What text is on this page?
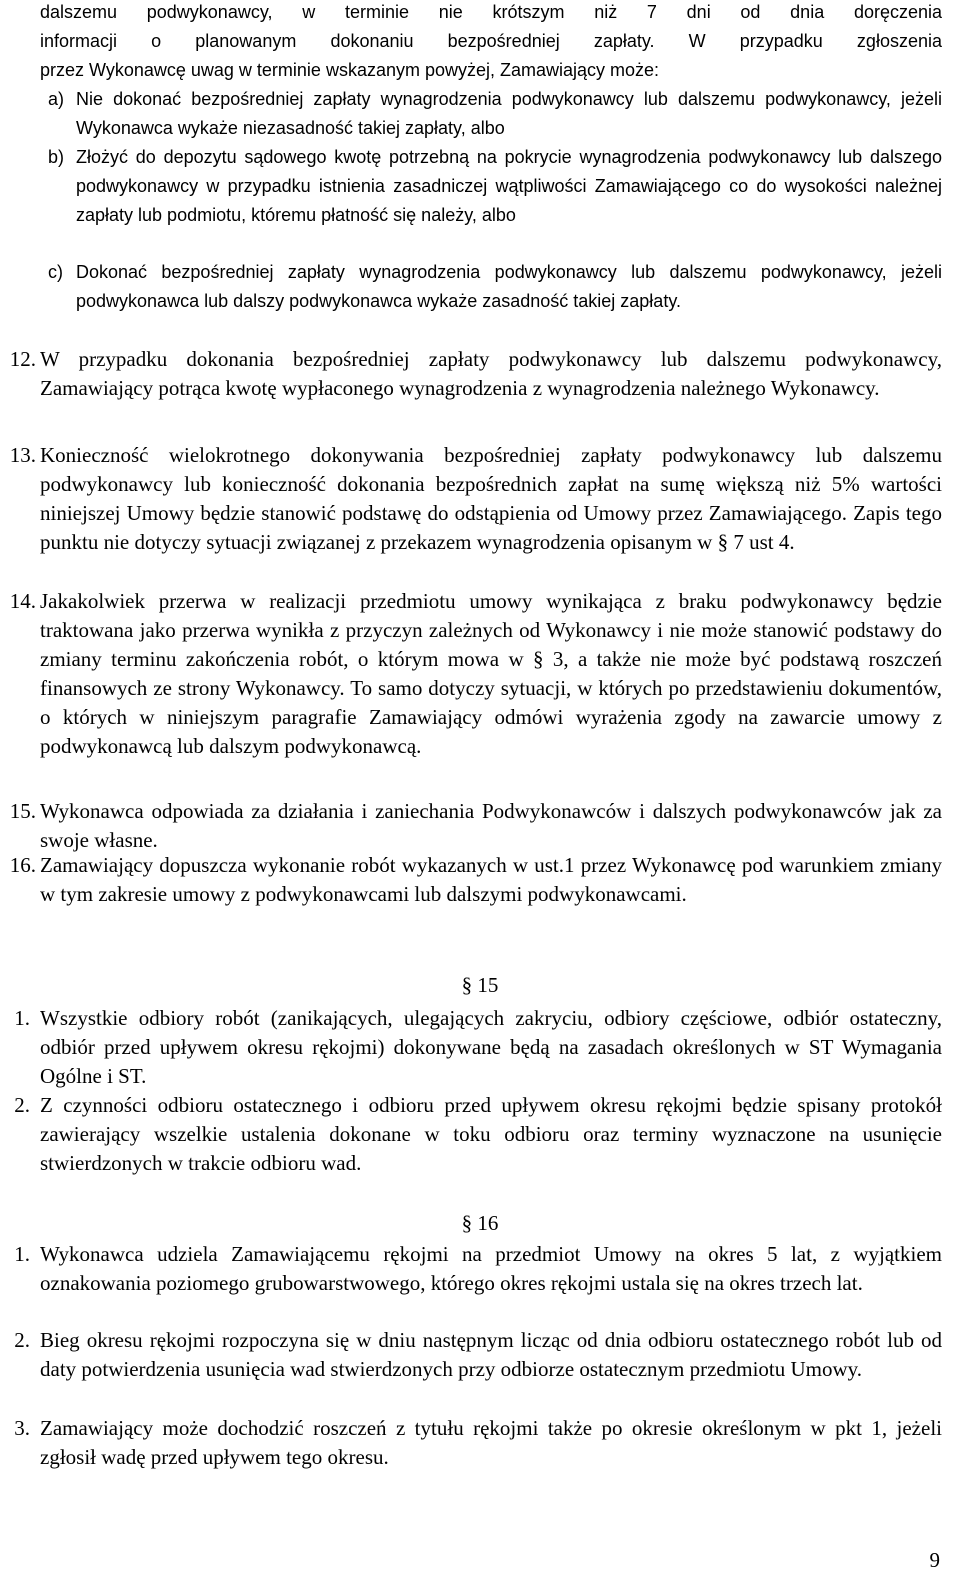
dalszemu podwykonawcy, w terminie nie krótszym niż 7 dni od dnia doręczenia
informacji o planowanym dokonaniu bezpośredniej zapłaty. W przypadku zgłoszenia
przez Wykonawcę uwag w terminie wskazanym powyżej, Zamawiający może:
a) Nie dokonać bezpośredniej zapłaty wynagrodzenia podwykonawcy lub dalszemu podwykonawcy, jeżeli Wykonawca wykaże niezasadność takiej zapłaty, albo
b) Złożyć do depozytu sądowego kwotę potrzebną na pokrycie wynagrodzenia podwykonawcy lub dalszego podwykonawcy w przypadku istnienia zasadniczej wątpliwości Zamawiającego co do wysokości należnej zapłaty lub podmiotu, któremu płatność się należy, albo
c) Dokonać bezpośredniej zapłaty wynagrodzenia podwykonawcy lub dalszemu podwykonawcy, jeżeli podwykonawca lub dalszy podwykonawca wykaże zasadność takiej zapłaty.
12. W przypadku dokonania bezpośredniej zapłaty podwykonawcy lub dalszemu podwykonawcy, Zamawiający potrąca kwotę wypłaconego wynagrodzenia z wynagrodzenia należnego Wykonawcy.
13. Konieczność wielokrotnego dokonywania bezpośredniej zapłaty podwykonawcy lub dalszemu podwykonawcy lub konieczność dokonania bezpośrednich zapłat na sumę większą niż 5% wartości niniejszej Umowy będzie stanowić podstawę do odstąpienia od Umowy przez Zamawiającego. Zapis tego punktu nie dotyczy sytuacji związanej z przekazem wynagrodzenia opisanym w § 7 ust 4.
14. Jakakolwiek przerwa w realizacji przedmiotu umowy wynikająca z braku podwykonawcy będzie traktowana jako przerwa wynikła z przyczyn zależnych od Wykonawcy i nie może stanowić podstawy do zmiany terminu zakończenia robót, o którym mowa w § 3, a także nie może być podstawą roszczeń finansowych ze strony Wykonawcy. To samo dotyczy sytuacji, w których po przedstawieniu dokumentów, o których w niniejszym paragrafie Zamawiający odmówi wyrażenia zgody na zawarcie umowy z podwykonawcą lub dalszym podwykonawcą.
15. Wykonawca odpowiada za działania i zaniechania Podwykonawców i dalszych podwykonawców jak za swoje własne.
16. Zamawiający dopuszcza wykonanie robót wykazanych w ust.1 przez Wykonawcę pod warunkiem zmiany w tym zakresie umowy z podwykonawcami lub dalszymi podwykonawcami.
§ 15
1. Wszystkie odbiory robót (zanikających, ulegających zakryciu, odbiory częściowe, odbiór ostateczny, odbiór przed upływem okresu rękojmi) dokonywane będą na zasadach określonych w ST Wymagania Ogólne i ST.
2. Z czynności odbioru ostatecznego i odbioru przed upływem okresu rękojmi będzie spisany protokół zawierający wszelkie ustalenia dokonane w toku odbioru oraz terminy wyznaczone na usunięcie stwierdzonych w trakcie odbioru wad.
§ 16
1. Wykonawca udziela Zamawiającemu rękojmi na przedmiot Umowy na okres 5 lat, z wyjątkiem oznakowania poziomego grubowarstwowego, którego okres rękojmi ustala się na okres trzech lat.
2. Bieg okresu rękojmi rozpoczyna się w dniu następnym licząc od dnia odbioru ostatecznego robót lub od daty potwierdzenia usunięcia wad stwierdzonych przy odbiorze ostatecznym przedmiotu Umowy.
3. Zamawiający może dochodzić roszczeń z tytułu rękojmi także po okresie określonym w pkt 1, jeżeli zgłosił wadę przed upływem tego okresu.
9
